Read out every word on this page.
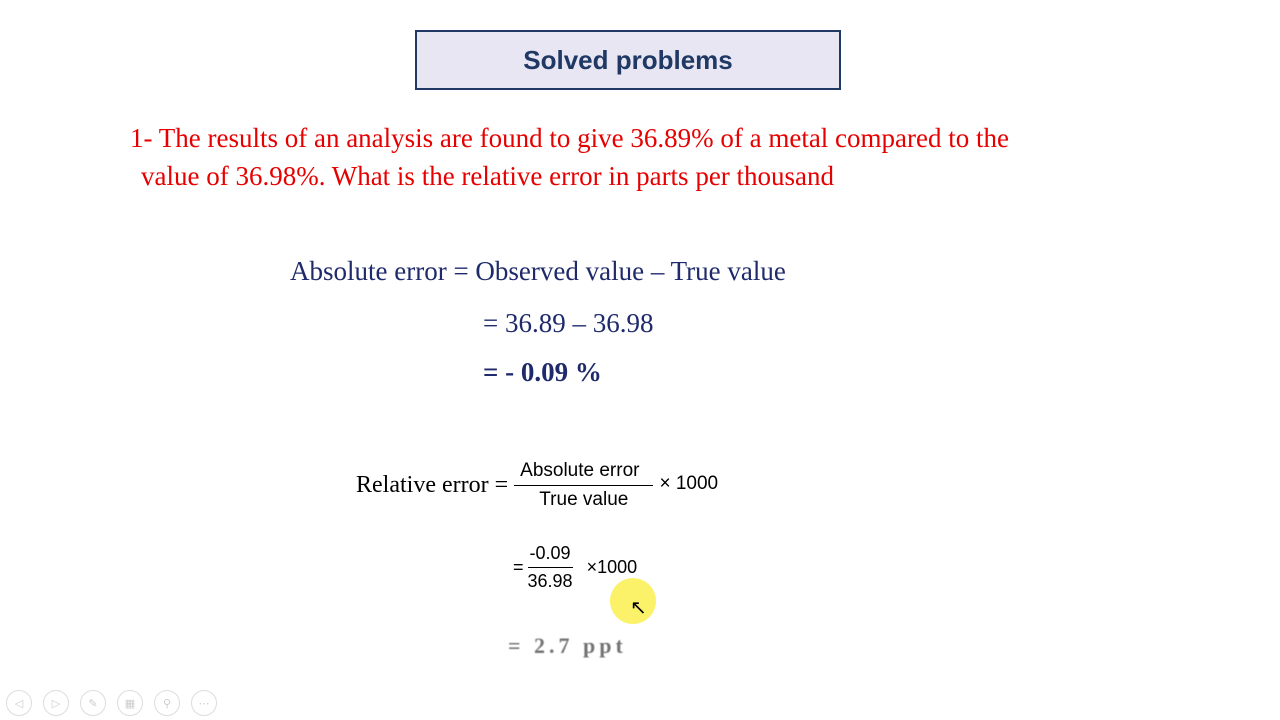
Solved problems
1- The results of an analysis are found to give 36.89% of a metal compared to the
value of 36.98%. What is the relative error in parts per thousand
Absolute error = Observed value – True value
= 36.89 – 36.98
= - 0.09 %
Relative error = $\frac{\text{Absolute error}}{\text{True value}} \times 1000$
= $\frac{-0.09}{36.98} \times 1000$
↖
= 2.7 ppt
◁	▷	✎	▦	⚲	⋯
